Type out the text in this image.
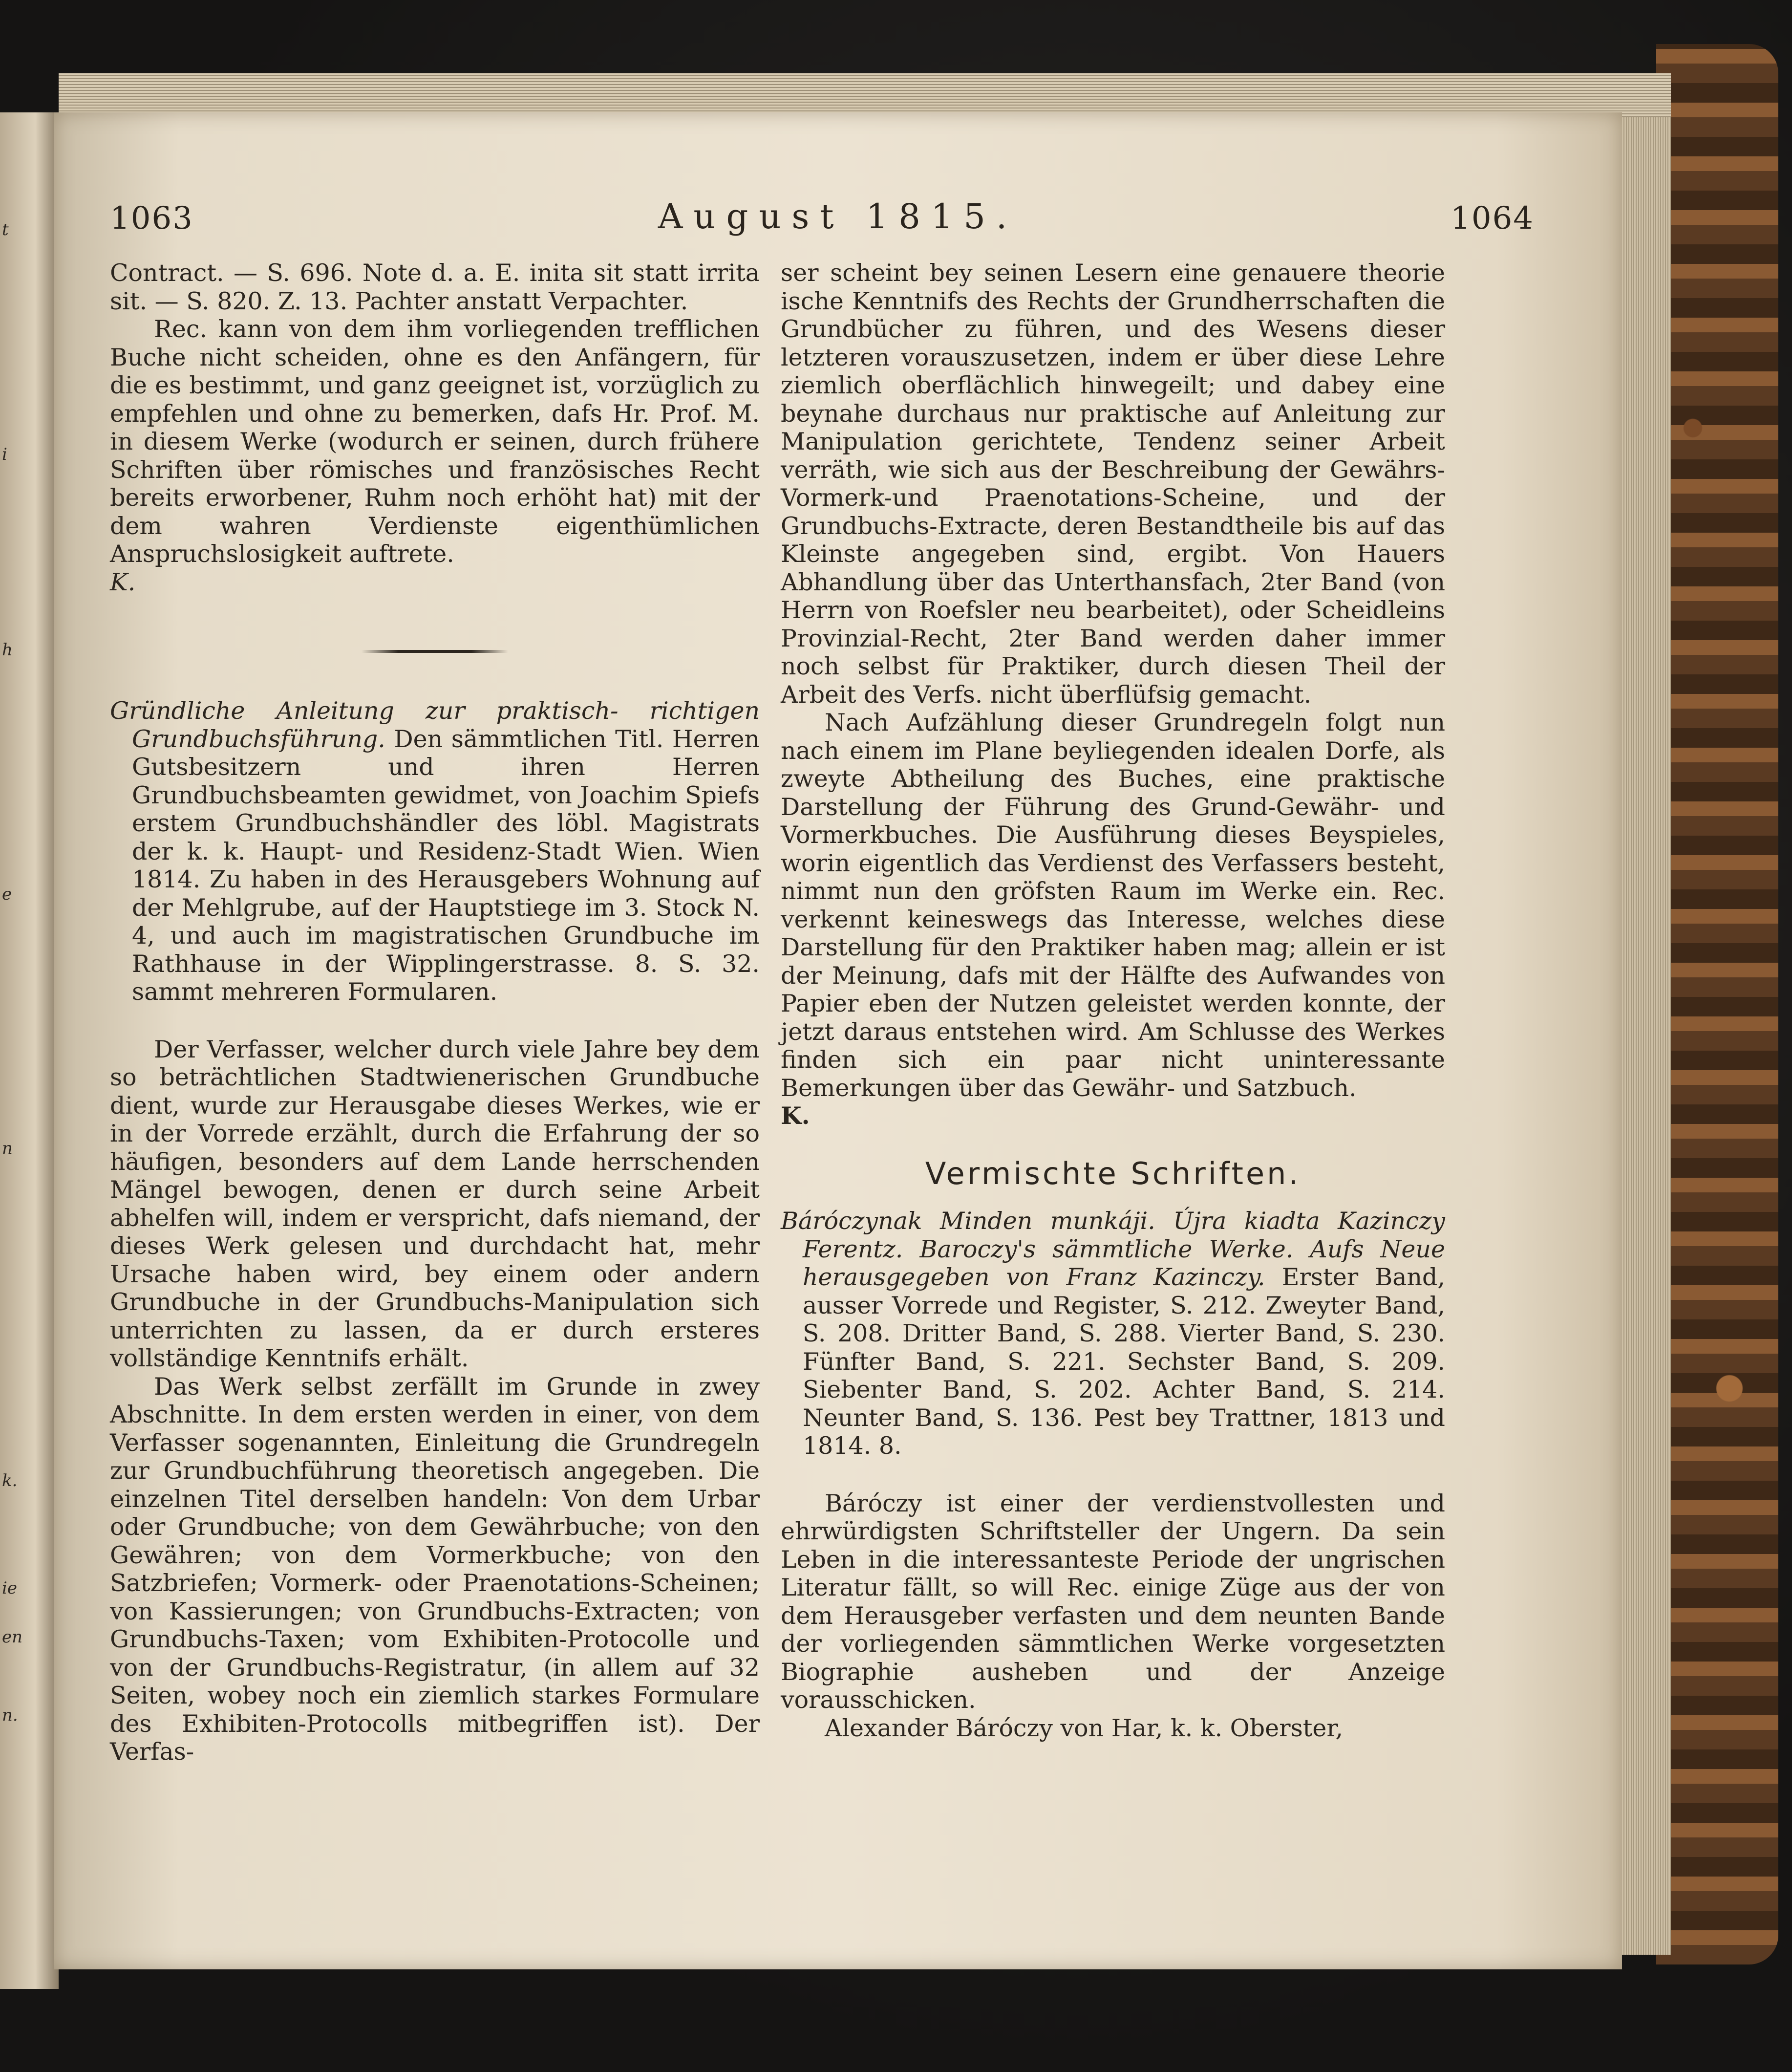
t
i
h
e
n
k.
ie
en
n.
1063	August 1815.	1064

Contract. — S. 696. Note d. a. E. inita sit statt irrita sit. — S. 820. Z. 13. Pachter anstatt Verpachter.

Rec. kann von dem ihm vorliegenden trefflichen Buche nicht scheiden, ohne es den Anfängern, für die es bestimmt, und ganz geeignet ist, vorzüglich zu empfehlen und ohne zu bemerken, dafs Hr. Prof. M. in diesem Werke (wodurch er seinen, durch frühere Schriften über römisches und französisches Recht bereits erworbener, Ruhm noch erhöht hat) mit der dem wahren Verdienste eigenthümlichen Anspruchslosigkeit auftrete.

K.

Gründliche Anleitung zur praktisch- richtigen Grundbuchsführung. Den sämmtlichen Titl. Herren Gutsbesitzern und ihren Herren Grundbuchsbeamten gewidmet, von Joachim Spiefs erstem Grundbuchshändler des löbl. Magistrats der k. k. Haupt- und Residenz-Stadt Wien. Wien 1814. Zu haben in des Herausgebers Wohnung auf der Mehlgrube, auf der Hauptstiege im 3. Stock N. 4, und auch im magistratischen Grundbuche im Rathhause in der Wipplingerstrasse. 8. S. 32. sammt mehreren Formularen.

Der Verfasser, welcher durch viele Jahre bey dem so beträchtlichen Stadtwienerischen Grundbuche dient, wurde zur Herausgabe dieses Werkes, wie er in der Vorrede erzählt, durch die Erfahrung der so häufigen, besonders auf dem Lande herrschenden Mängel bewogen, denen er durch seine Arbeit abhelfen will, indem er verspricht, dafs niemand, der dieses Werk gelesen und durchdacht hat, mehr Ursache haben wird, bey einem oder andern Grundbuche in der Grundbuchs-Manipulation sich unterrichten zu lassen, da er durch ersteres vollständige Kenntnifs erhält.

Das Werk selbst zerfällt im Grunde in zwey Abschnitte. In dem ersten werden in einer, von dem Verfasser sogenannten, Einleitung die Grundregeln zur Grundbuchführung theoretisch angegeben. Die einzelnen Titel derselben handeln: Von dem Urbar oder Grundbuche; von dem Gewährbuche; von den Gewähren; von dem Vormerkbuche; von den Satzbriefen; Vormerk- oder Praenotations-Scheinen; von Kassierungen; von Grundbuchs-Extracten; von Grundbuchs-Taxen; vom Exhibiten-Protocolle und von der Grundbuchs-Registratur, (in allem auf 32 Seiten, wobey noch ein ziemlich starkes Formulare des Exhibiten-Protocolls mitbegriffen ist). Der Verfas-

ser scheint bey seinen Lesern eine genauere theorie ische Kenntnifs des Rechts der Grundherrschaften die Grundbücher zu führen, und des Wesens dieser letzteren vorauszusetzen, indem er über diese Lehre ziemlich oberflächlich hinwegeilt; und dabey eine beynahe durchaus nur praktische auf Anleitung zur Manipulation gerichtete, Tendenz seiner Arbeit verräth, wie sich aus der Beschreibung der Gewährs-Vormerk-und Praenotations-Scheine, und der Grundbuchs-Extracte, deren Bestandtheile bis auf das Kleinste angegeben sind, ergibt. Von Hauers Abhandlung über das Unterthansfach, 2ter Band (von Herrn von Roefsler neu bearbeitet), oder Scheidleins Provinzial-Recht, 2ter Band werden daher immer noch selbst für Praktiker, durch diesen Theil der Arbeit des Verfs. nicht überflüfsig gemacht.

Nach Aufzählung dieser Grundregeln folgt nun nach einem im Plane beyliegenden idealen Dorfe, als zweyte Abtheilung des Buches, eine praktische Darstellung der Führung des Grund-Gewähr- und Vormerkbuches. Die Ausführung dieses Beyspieles, worin eigentlich das Verdienst des Verfassers besteht, nimmt nun den gröfsten Raum im Werke ein. Rec. verkennt keineswegs das Interesse, welches diese Darstellung für den Praktiker haben mag; allein er ist der Meinung, dafs mit der Hälfte des Aufwandes von Papier eben der Nutzen geleistet werden konnte, der jetzt daraus entstehen wird. Am Schlusse des Werkes finden sich ein paar nicht uninteressante Bemerkungen über das Gewähr- und Satzbuch.

K.

Vermischte Schriften.

Báróczynak Minden munkáji. Újra kiadta Kazinczy Ferentz. Baroczy's sämmtliche Werke. Aufs Neue herausgegeben von Franz Kazinczy. Erster Band, ausser Vorrede und Register, S. 212. Zweyter Band, S. 208. Dritter Band, S. 288. Vierter Band, S. 230. Fünfter Band, S. 221. Sechster Band, S. 209. Siebenter Band, S. 202. Achter Band, S. 214. Neunter Band, S. 136. Pest bey Trattner, 1813 und 1814. 8.

Báróczy ist einer der verdienstvollesten und ehrwürdigsten Schriftsteller der Ungern. Da sein Leben in die interessanteste Periode der ungrischen Literatur fällt, so will Rec. einige Züge aus der von dem Herausgeber verfasten und dem neunten Bande der vorliegenden sämmtlichen Werke vorgesetzten Biographie ausheben und der Anzeige vorausschicken.

Alexander Báróczy von Har, k. k. Oberster,
